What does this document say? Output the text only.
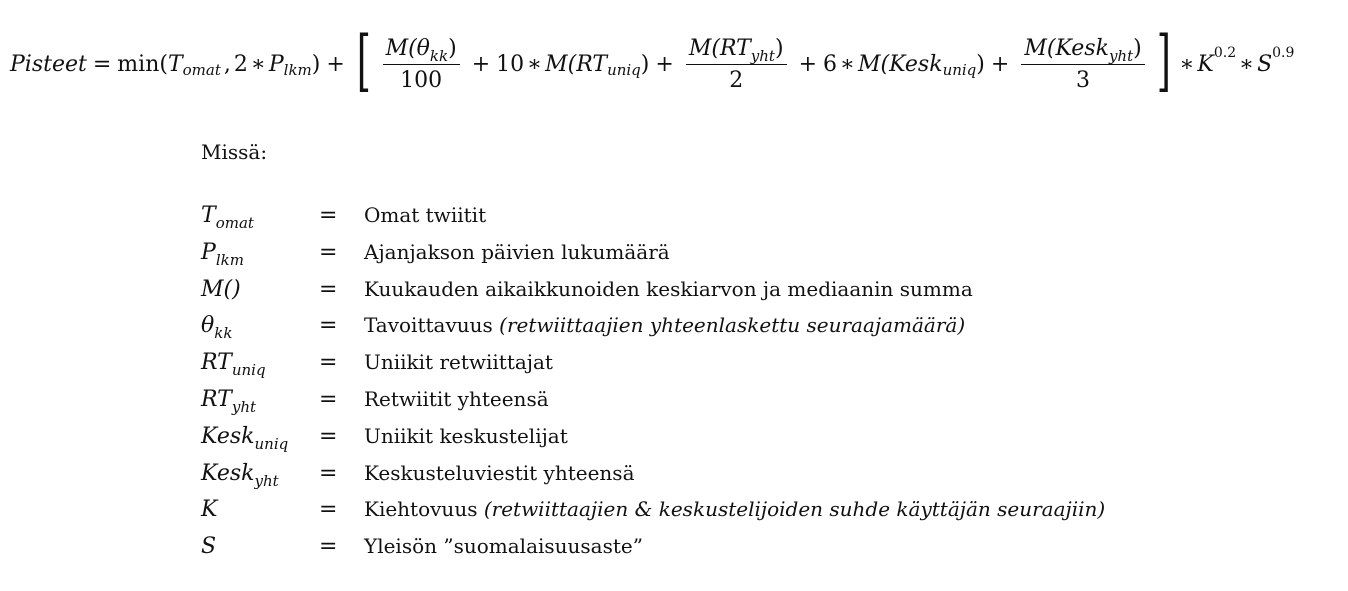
Pisteet = min ( T omat , 2 ∗ P lkm ) + [ $\frac{M(\theta_{kk})}{100} + 10$ ∗ M( RT uniq ) + $\frac{M(RT_{yht})}{2} + 6$ ∗ M( Kesk uniq ) + $\frac{M(Kesk_{yht})}{3}$ ] ∗ K 0.2 ∗ S 0.9
Missä:
$T_{omat}$	=	Omat twiitit
$P_{lkm}$	=	Ajanjakson päivien lukumäärä
M()	=	Kuukauden aikaikkunoiden keskiarvon ja mediaanin summa
$\theta_{kk}$	=	Tavoittavuus (retwiittaajien yhteenlaskettu seuraajamäärä)
$RT_{uniq}$	=	Uniikit retwiittajat
$RT_{yht}$	=	Retwiitit yhteensä
Kesk$_{uniq}$	=	Uniikit keskustelijat
Kesk$_{yht}$	=	Keskusteluviestit yhteensä
K	=	Kiehtovuus (retwiittaajien & keskustelijoiden suhde käyttäjän seuraajiin)
S	=	Yleisön ”suomalaisuusaste”
